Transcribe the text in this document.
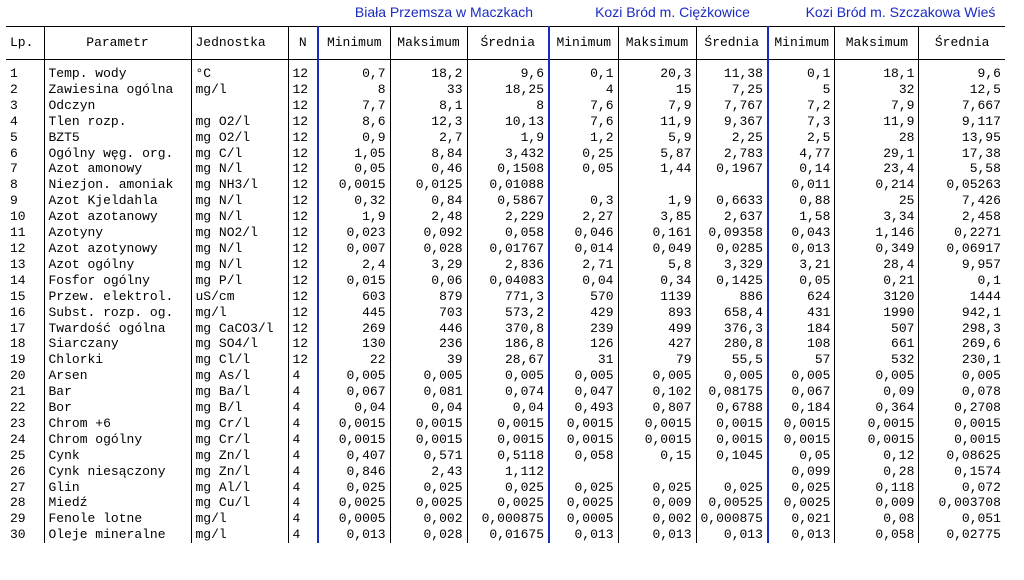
Biała Przemsza w Maczkach	Kozi Bród m. Ciężkowice	Kozi Bród m. Szczakowa Wieś
Lp.	Parametr	Jednostka	N	Minimum	Maksimum	Średnia	Minimum	Maksimum	Średnia	Minimum	Maksimum	Średnia

1	Temp. wody	°C	12	0,7	18,2	9,6	0,1	20,3	11,38	0,1	18,1	9,6
2	Zawiesina ogólna	mg/l	12	8	33	18,25	4	15	7,25	5	32	12,5
3	Odczyn		12	7,7	8,1	8	7,6	7,9	7,767	7,2	7,9	7,667
4	Tlen rozp.	mg O2/l	12	8,6	12,3	10,13	7,6	11,9	9,367	7,3	11,9	9,117
5	BZT5	mg O2/l	12	0,9	2,7	1,9	1,2	5,9	2,25	2,5	28	13,95
6	Ogólny węg. org.	mg C/l	12	1,05	8,84	3,432	0,25	5,87	2,783	4,77	29,1	17,38
7	Azot amonowy	mg N/l	12	0,05	0,46	0,1508	0,05	1,44	0,1967	0,14	23,4	5,58
8	Niezjon. amoniak	mg NH3/l	12	0,0015	0,0125	0,01088				0,011	0,214	0,05263
9	Azot Kjeldahla	mg N/l	12	0,32	0,84	0,5867	0,3	1,9	0,6633	0,88	25	7,426
10	Azot azotanowy	mg N/l	12	1,9	2,48	2,229	2,27	3,85	2,637	1,58	3,34	2,458
11	Azotyny	mg NO2/l	12	0,023	0,092	0,058	0,046	0,161	0,09358	0,043	1,146	0,2271
12	Azot azotynowy	mg N/l	12	0,007	0,028	0,01767	0,014	0,049	0,0285	0,013	0,349	0,06917
13	Azot ogólny	mg N/l	12	2,4	3,29	2,836	2,71	5,8	3,329	3,21	28,4	9,957
14	Fosfor ogólny	mg P/l	12	0,015	0,06	0,04083	0,04	0,34	0,1425	0,05	0,21	0,1
15	Przew. elektrol.	uS/cm	12	603	879	771,3	570	1139	886	624	3120	1444
16	Subst. rozp. og.	mg/l	12	445	703	573,2	429	893	658,4	431	1990	942,1
17	Twardość ogólna	mg CaCO3/l	12	269	446	370,8	239	499	376,3	184	507	298,3
18	Siarczany	mg SO4/l	12	130	236	186,8	126	427	280,8	108	661	269,6
19	Chlorki	mg Cl/l	12	22	39	28,67	31	79	55,5	57	532	230,1
20	Arsen	mg As/l	4	0,005	0,005	0,005	0,005	0,005	0,005	0,005	0,005	0,005
21	Bar	mg Ba/l	4	0,067	0,081	0,074	0,047	0,102	0,08175	0,067	0,09	0,078
22	Bor	mg B/l	4	0,04	0,04	0,04	0,493	0,807	0,6788	0,184	0,364	0,2708
23	Chrom +6	mg Cr/l	4	0,0015	0,0015	0,0015	0,0015	0,0015	0,0015	0,0015	0,0015	0,0015
24	Chrom ogólny	mg Cr/l	4	0,0015	0,0015	0,0015	0,0015	0,0015	0,0015	0,0015	0,0015	0,0015
25	Cynk	mg Zn/l	4	0,407	0,571	0,5118	0,058	0,15	0,1045	0,05	0,12	0,08625
26	Cynk niesączony	mg Zn/l	4	0,846	2,43	1,112				0,099	0,28	0,1574
27	Glin	mg Al/l	4	0,025	0,025	0,025	0,025	0,025	0,025	0,025	0,118	0,072
28	Miedź	mg Cu/l	4	0,0025	0,0025	0,0025	0,0025	0,009	0,00525	0,0025	0,009	0,003708
29	Fenole lotne	mg/l	4	0,0005	0,002	0,000875	0,0005	0,002	0,000875	0,021	0,08	0,051
30	Oleje mineralne	mg/l	4	0,013	0,028	0,01675	0,013	0,013	0,013	0,013	0,058	0,02775
